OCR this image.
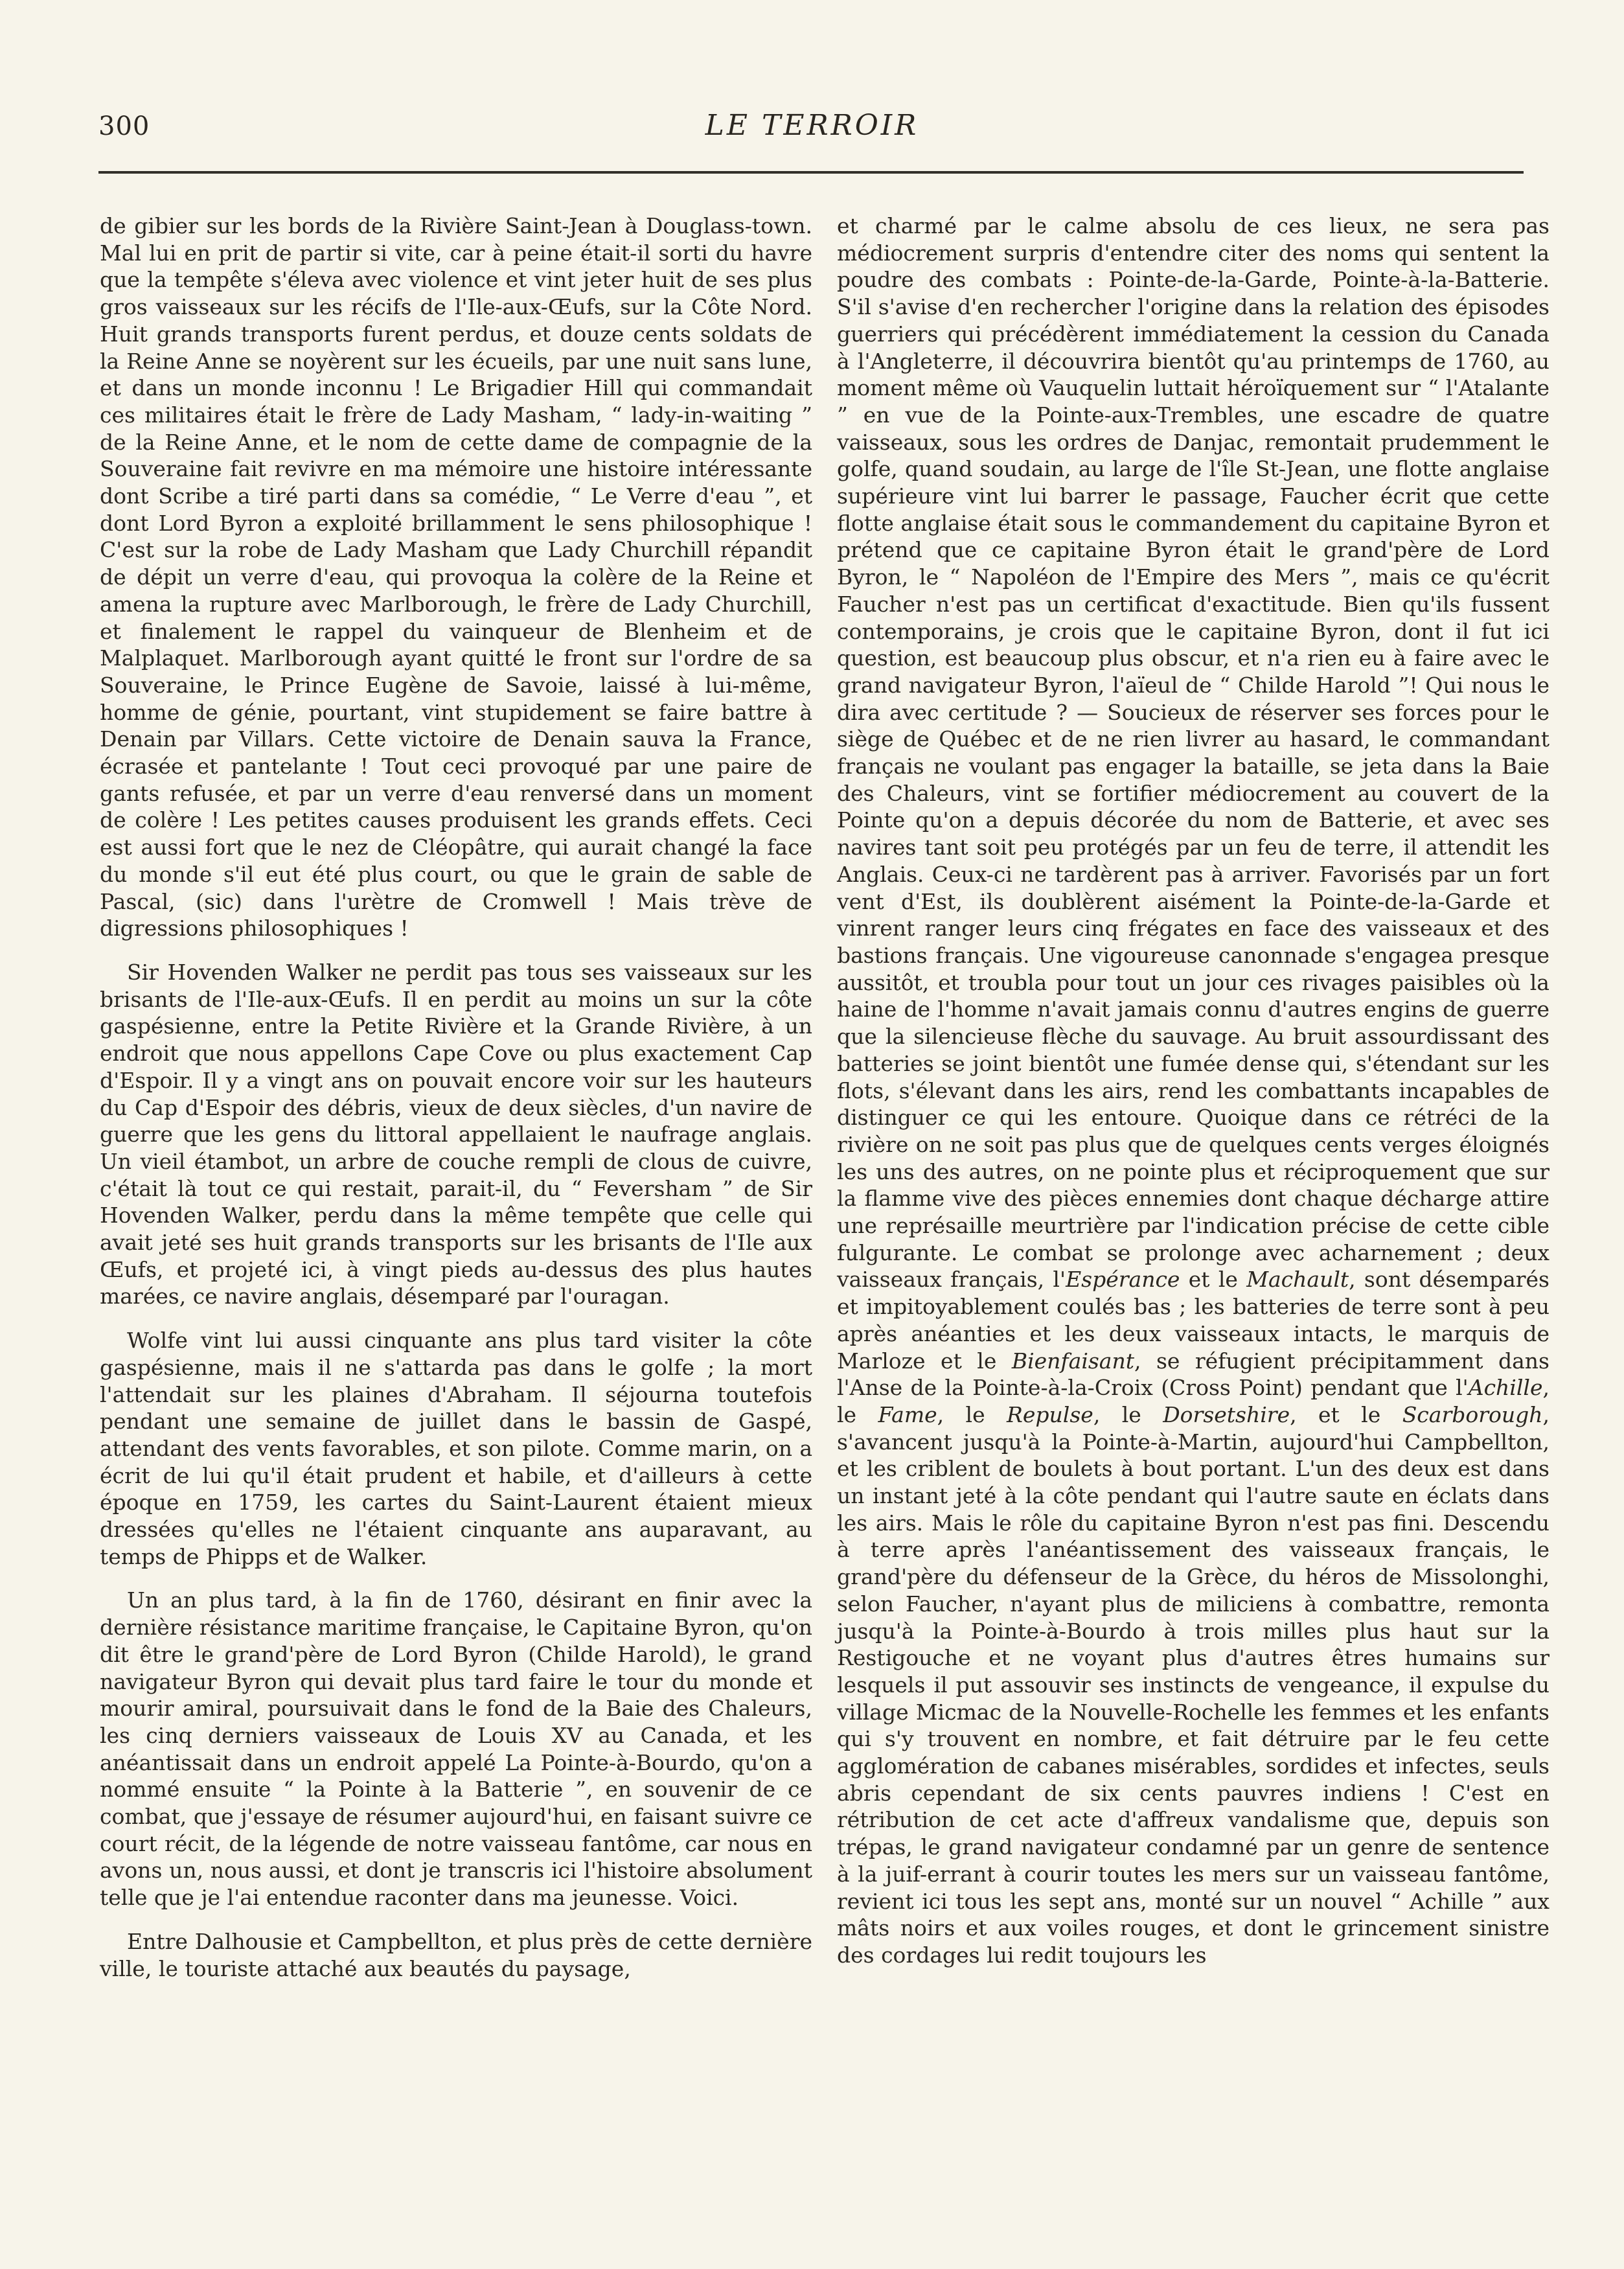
300	LE TERROIR

de gibier sur les bords de la Rivière Saint-Jean à Douglass-town. Mal lui en prit de partir si vite, car à peine était-il sorti du havre que la tempête s'éleva avec violence et vint jeter huit de ses plus gros vaisseaux sur les récifs de l'Ile-aux-Œufs, sur la Côte Nord. Huit grands transports furent perdus, et douze cents soldats de la Reine Anne se noyèrent sur les écueils, par une nuit sans lune, et dans un monde inconnu ! Le Brigadier Hill qui commandait ces militaires était le frère de Lady Masham, “ lady-in-waiting ” de la Reine Anne, et le nom de cette dame de compagnie de la Souveraine fait revivre en ma mémoire une histoire intéressante dont Scribe a tiré parti dans sa comédie, “ Le Verre d'eau ”, et dont Lord Byron a exploité brillamment le sens philosophique ! C'est sur la robe de Lady Masham que Lady Churchill répandit de dépit un verre d'eau, qui provoqua la colère de la Reine et amena la rupture avec Marlborough, le frère de Lady Churchill, et finalement le rappel du vainqueur de Blenheim et de Malplaquet. Marlborough ayant quitté le front sur l'ordre de sa Souveraine, le Prince Eugène de Savoie, laissé à lui-même, homme de génie, pourtant, vint stupidement se faire battre à Denain par Villars. Cette victoire de Denain sauva la France, écrasée et pantelante ! Tout ceci provoqué par une paire de gants refusée, et par un verre d'eau renversé dans un moment de colère ! Les petites causes produisent les grands effets. Ceci est aussi fort que le nez de Cléopâtre, qui aurait changé la face du monde s'il eut été plus court, ou que le grain de sable de Pascal, (sic) dans l'urètre de Cromwell ! Mais trève de digressions philosophiques !

Sir Hovenden Walker ne perdit pas tous ses vaisseaux sur les brisants de l'Ile-aux-Œufs. Il en perdit au moins un sur la côte gaspésienne, entre la Petite Rivière et la Grande Rivière, à un endroit que nous appellons Cape Cove ou plus exactement Cap d'Espoir. Il y a vingt ans on pouvait encore voir sur les hauteurs du Cap d'Espoir des débris, vieux de deux siècles, d'un navire de guerre que les gens du littoral appellaient le naufrage anglais. Un vieil étambot, un arbre de couche rempli de clous de cuivre, c'était là tout ce qui restait, parait-il, du “ Feversham ” de Sir Hovenden Walker, perdu dans la même tempête que celle qui avait jeté ses huit grands transports sur les brisants de l'Ile aux Œufs, et projeté ici, à vingt pieds au-dessus des plus hautes marées, ce navire anglais, désemparé par l'ouragan.

Wolfe vint lui aussi cinquante ans plus tard visiter la côte gaspésienne, mais il ne s'attarda pas dans le golfe ; la mort l'attendait sur les plaines d'Abraham. Il séjourna toutefois pendant une semaine de juillet dans le bassin de Gaspé, attendant des vents favorables, et son pilote. Comme marin, on a écrit de lui qu'il était prudent et habile, et d'ailleurs à cette époque en 1759, les cartes du Saint-Laurent étaient mieux dressées qu'elles ne l'étaient cinquante ans auparavant, au temps de Phipps et de Walker.

Un an plus tard, à la fin de 1760, désirant en finir avec la dernière résistance maritime française, le Capitaine Byron, qu'on dit être le grand'père de Lord Byron (Childe Harold), le grand navigateur Byron qui devait plus tard faire le tour du monde et mourir amiral, poursuivait dans le fond de la Baie des Chaleurs, les cinq derniers vaisseaux de Louis XV au Canada, et les anéantissait dans un endroit appelé La Pointe-à-Bourdo, qu'on a nommé ensuite “ la Pointe à la Batterie ”, en souvenir de ce combat, que j'essaye de résumer aujourd'hui, en faisant suivre ce court récit, de la légende de notre vaisseau fantôme, car nous en avons un, nous aussi, et dont je transcris ici l'histoire absolument telle que je l'ai entendue raconter dans ma jeunesse. Voici.

Entre Dalhousie et Campbellton, et plus près de cette dernière ville, le touriste attaché aux beautés du paysage,

et charmé par le calme absolu de ces lieux, ne sera pas médiocrement surpris d'entendre citer des noms qui sentent la poudre des combats : Pointe-de-la-Garde, Pointe-à-la-Batterie. S'il s'avise d'en rechercher l'origine dans la relation des épisodes guerriers qui précédèrent immédiatement la cession du Canada à l'Angleterre, il découvrira bientôt qu'au printemps de 1760, au moment même où Vauquelin luttait héroïquement sur “ l'Atalante ” en vue de la Pointe-aux-Trembles, une escadre de quatre vaisseaux, sous les ordres de Danjac, remontait prudemment le golfe, quand soudain, au large de l'île St-Jean, une flotte anglaise supérieure vint lui barrer le passage, Faucher écrit que cette flotte anglaise était sous le commandement du capitaine Byron et prétend que ce capitaine Byron était le grand'père de Lord Byron, le “ Napoléon de l'Empire des Mers ”, mais ce qu'écrit Faucher n'est pas un certificat d'exactitude. Bien qu'ils fussent contemporains, je crois que le capitaine Byron, dont il fut ici question, est beaucoup plus obscur, et n'a rien eu à faire avec le grand navigateur Byron, l'aïeul de “ Childe Harold ”! Qui nous le dira avec certitude ? — Soucieux de réserver ses forces pour le siège de Québec et de ne rien livrer au hasard, le commandant français ne voulant pas engager la bataille, se jeta dans la Baie des Chaleurs, vint se fortifier médiocrement au couvert de la Pointe qu'on a depuis décorée du nom de Batterie, et avec ses navires tant soit peu protégés par un feu de terre, il attendit les Anglais. Ceux-ci ne tardèrent pas à arriver. Favorisés par un fort vent d'Est, ils doublèrent aisément la Pointe-de-la-Garde et vinrent ranger leurs cinq frégates en face des vaisseaux et des bastions français. Une vigoureuse canonnade s'engagea presque aussitôt, et troubla pour tout un jour ces rivages paisibles où la haine de l'homme n'avait jamais connu d'autres engins de guerre que la silencieuse flèche du sauvage. Au bruit assourdissant des batteries se joint bientôt une fumée dense qui, s'étendant sur les flots, s'élevant dans les airs, rend les combattants incapables de distinguer ce qui les entoure. Quoique dans ce rétréci de la rivière on ne soit pas plus que de quelques cents verges éloignés les uns des autres, on ne pointe plus et réciproquement que sur la flamme vive des pièces ennemies dont chaque décharge attire une représaille meurtrière par l'indication précise de cette cible fulgurante. Le combat se prolonge avec acharnement ; deux vaisseaux français, l'Espérance et le Machault, sont désemparés et impitoyablement coulés bas ; les batteries de terre sont à peu après anéanties et les deux vaisseaux intacts, le marquis de Marloze et le Bienfaisant, se réfugient précipitamment dans l'Anse de la Pointe-à-la-Croix (Cross Point) pendant que l'Achille, le Fame, le Repulse, le Dorsetshire, et le Scarborough, s'avancent jusqu'à la Pointe-à-Martin, aujourd'hui Campbellton, et les criblent de boulets à bout portant. L'un des deux est dans un instant jeté à la côte pendant qui l'autre saute en éclats dans les airs. Mais le rôle du capitaine Byron n'est pas fini. Descendu à terre après l'anéantissement des vaisseaux français, le grand'père du défenseur de la Grèce, du héros de Missolonghi, selon Faucher, n'ayant plus de miliciens à combattre, remonta jusqu'à la Pointe-à-Bourdo à trois milles plus haut sur la Restigouche et ne voyant plus d'autres êtres humains sur lesquels il put assouvir ses instincts de vengeance, il expulse du village Micmac de la Nouvelle-Rochelle les femmes et les enfants qui s'y trouvent en nombre, et fait détruire par le feu cette agglomération de cabanes misérables, sordides et infectes, seuls abris cependant de six cents pauvres indiens ! C'est en rétribution de cet acte d'affreux vandalisme que, depuis son trépas, le grand navigateur condamné par un genre de sentence à la juif-errant à courir toutes les mers sur un vaisseau fantôme, revient ici tous les sept ans, monté sur un nouvel “ Achille ” aux mâts noirs et aux voiles rouges, et dont le grincement sinistre des cordages lui redit toujours les
